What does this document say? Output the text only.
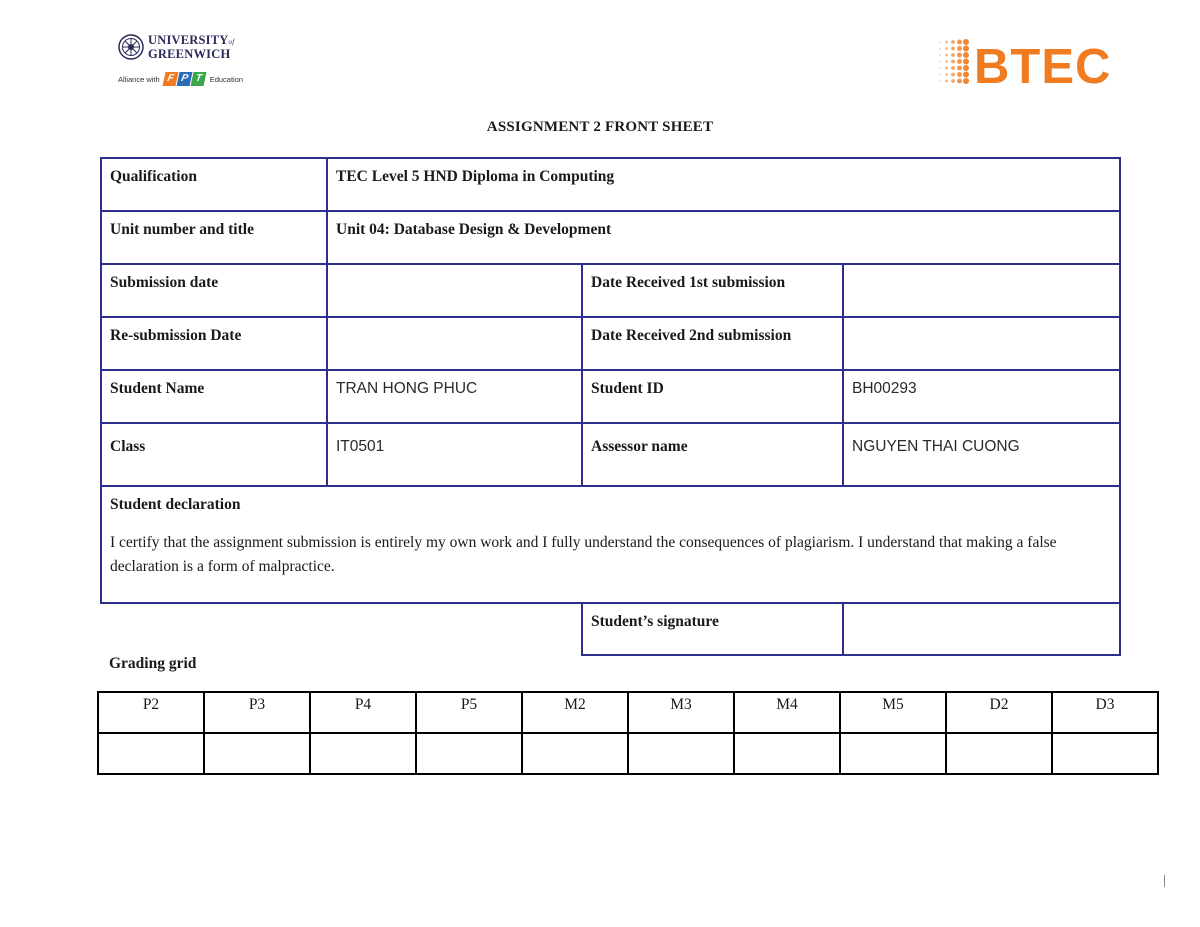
UNIVERSITYof
GREENWICH
Alliance with F P T Education	BTEC
ASSIGNMENT 2 FRONT SHEET
Qualification	TEC Level 5 HND Diploma in Computing		
Unit number and title	Unit 04: Database Design & Development		
Submission date		Date Received 1st submission	
Re-submission Date		Date Received 2nd submission	
Student Name	TRAN HONG PHUC	Student ID	BH00293
Class	IT0501	Assessor name	NGUYEN THAI CUONG

Student declaration
I certify that the assignment submission is entirely my own work and I fully understand the consequences of plagiarism. I understand that making a false declaration is a form of malpractice.			

		Student’s signature	
Grading grid
P2	P3	P4	P5	M2	M3	M4	M5	D2	D3
